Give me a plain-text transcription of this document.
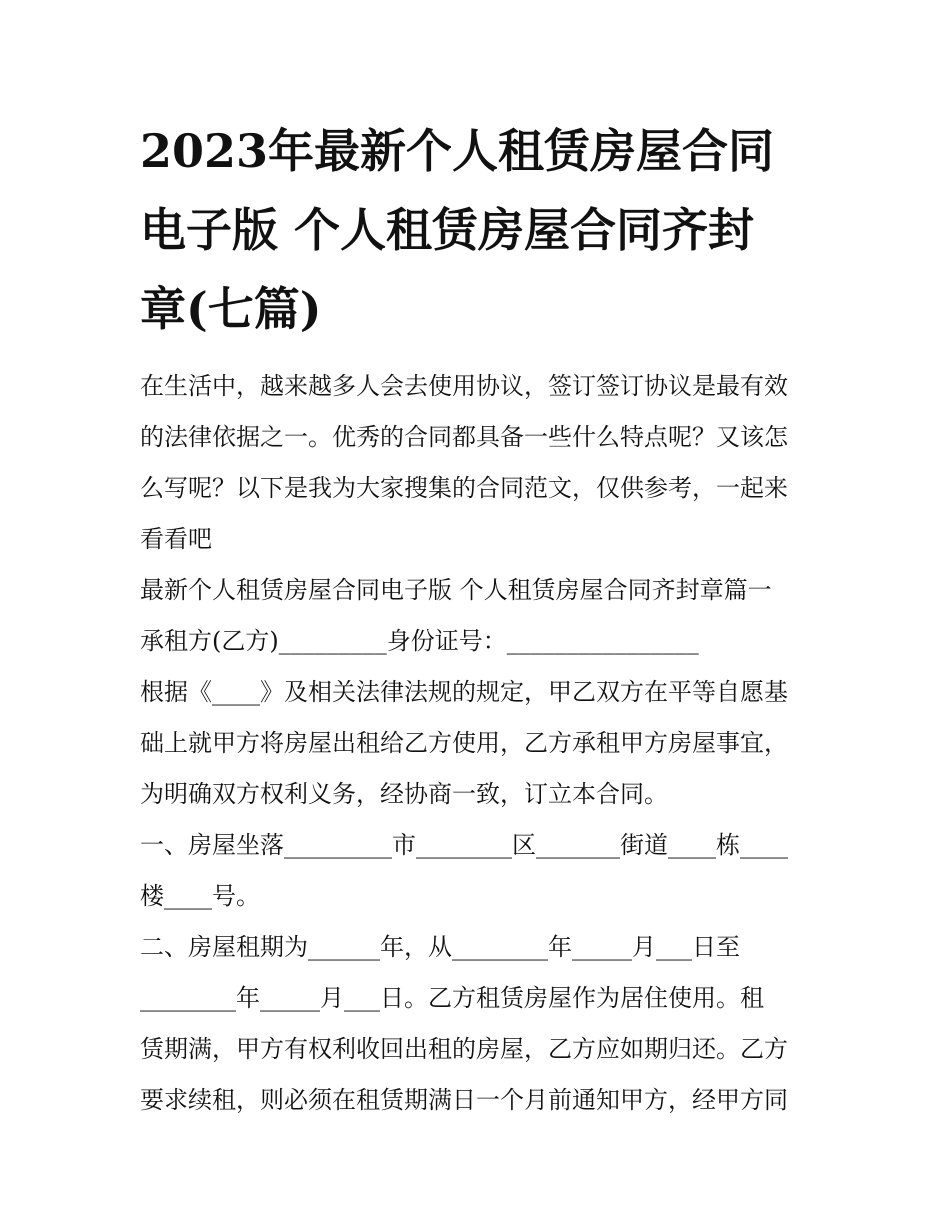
2023年最新个人租赁房屋合同
电子版 个人租赁房屋合同齐封
章(七篇)
在生活中，越来越多人会去使用协议，签订签订协议是最有效
的法律依据之一。优秀的合同都具备一些什么特点呢？又该怎
么写呢？以下是我为大家搜集的合同范文，仅供参考，一起来
看看吧
最新个人租赁房屋合同电子版 个人租赁房屋合同齐封章篇一
承租方(乙方)_________身份证号：________________
根据《____》及相关法律法规的规定，甲乙双方在平等自愿基
础上就甲方将房屋出租给乙方使用，乙方承租甲方房屋事宜，
为明确双方权利义务，经协商一致，订立本合同。
一、房屋坐落_________市________区_______街道____栋____
楼____号。
二、房屋租期为______年，从________年_____月___日至
________年_____月___日。乙方租赁房屋作为居住使用。租
赁期满，甲方有权利收回出租的房屋，乙方应如期归还。乙方
要求续租，则必须在租赁期满日一个月前通知甲方，经甲方同
